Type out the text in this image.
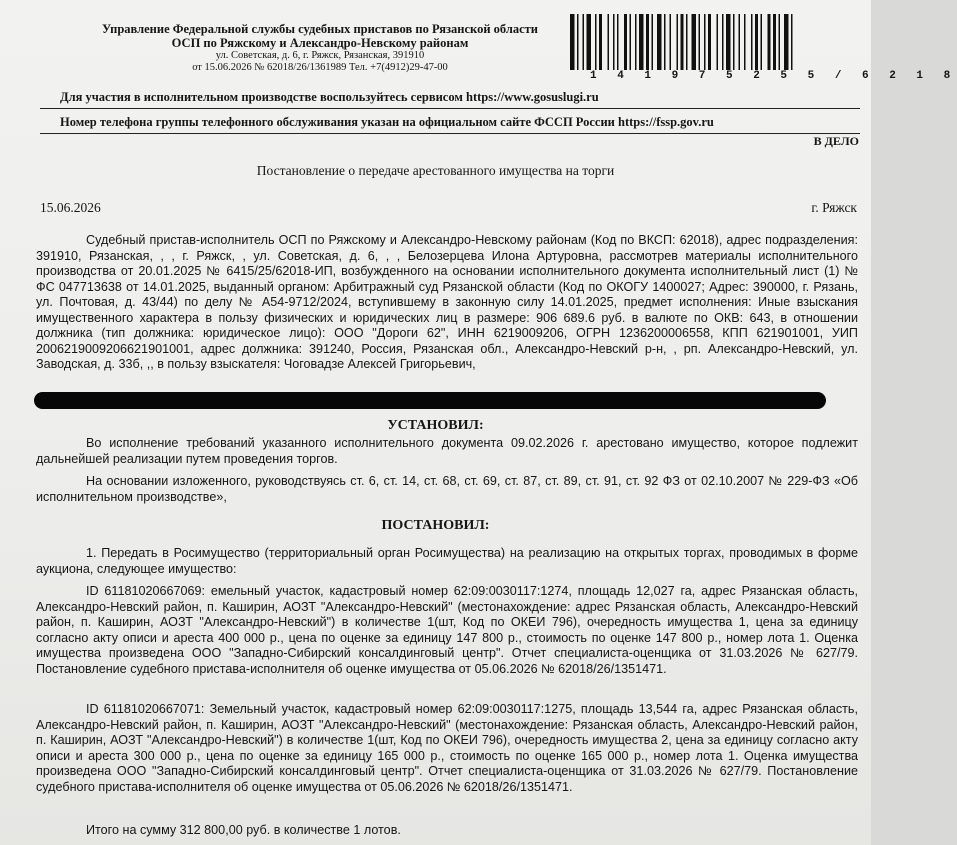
Управление Федеральной службы судебных приставов по Рязанской области
ОСП по Ряжскому и Александро-Невскому районам
ул. Советская, д. 6, г. Ряжск, Рязанская, 391910
от 15.06.2026 № 62018/26/1361989 Тел. +7(4912)29-47-00
1 4 1 9 7 5 2 5 5 / 6 2 1 8
Для участия в исполнительном производстве воспользуйтесь сервисом https://www.gosuslugi.ru
Номер телефона группы телефонного обслуживания указан на официальном сайте ФССП России https://fssp.gov.ru
В ДЕЛО
Постановление о передаче арестованного имущества на торги
15.06.2026	г. Ряжск
Судебный пристав-исполнитель ОСП по Ряжскому и Александро-Невскому районам (Код по ВКСП: 62018), адрес подразделения: 391910, Рязанская, , , г. Ряжск, , ул. Советская, д. 6, , , Белозерцева Илона Артуровна, рассмотрев материалы исполнительного производства от 20.01.2025 № 6415/25/62018-ИП, возбужденного на основании исполнительного документа исполнительный лист (1) № ФС 047713638 от 14.01.2025, выданный органом: Арбитражный суд Рязанской области (Код по ОКОГУ 1400027; Адрес: 390000, г. Рязань, ул. Почтовая, д. 43/44) по делу № А54-9712/2024, вступившему в законную силу 14.01.2025, предмет исполнения: Иные взыскания имущественного характера в пользу физических и юридических лиц в размере: 906 689.6 руб. в валюте по ОКВ: 643, в отношении должника (тип должника: юридическое лицо): ООО "Дороги 62", ИНН 6219009206, ОГРН 1236200006558, КПП 621901001, УИП 2006219009206621901001, адрес должника: 391240, Россия, Рязанская обл., Александро-Невский р-н, , рп. Александро-Невский, ул. Заводская, д. 33б, ,, в пользу взыскателя: Чоговадзе Алексей Григорьевич,
УСТАНОВИЛ:
Во исполнение требований указанного исполнительного документа 09.02.2026 г. арестовано имущество, которое подлежит дальнейшей реализации путем проведения торгов.
На основании изложенного, руководствуясь ст. 6, ст. 14, ст. 68, ст. 69, ст. 87, ст. 89, ст. 91, ст. 92 ФЗ от 02.10.2007 № 229-ФЗ «Об исполнительном производстве»,
ПОСТАНОВИЛ:
1. Передать в Росимущество (территориальный орган Росимущества) на реализацию на открытых торгах, проводимых в форме аукциона, следующее имущество:
ID 61181020667069: емельный участок, кадастровый номер 62:09:0030117:1274, площадь 12,027 га, адрес Рязанская область, Александро-Невский район, п. Каширин, АОЗТ "Александро-Невский" (местонахождение: адрес Рязанская область, Александро-Невский район, п. Каширин, АОЗТ "Александро-Невский") в количестве 1(шт, Код по ОКЕИ 796), очередность имущества 1, цена за единицу согласно акту описи и ареста 400 000 р., цена по оценке за единицу 147 800 р., стоимость по оценке 147 800 р., номер лота 1. Оценка имущества произведена ООО "Западно-Сибирский консалдинговый центр". Отчет специалиста-оценщика от 31.03.2026 № 627/79. Постановление судебного пристава-исполнителя об оценке имущества от 05.06.2026 № 62018/26/1351471.
ID 61181020667071: Земельный участок, кадастровый номер 62:09:0030117:1275, площадь 13,544 га, адрес Рязанская область, Александро-Невский район, п. Каширин, АОЗТ "Александро-Невский" (местонахождение: Рязанская область, Александро-Невский район, п. Каширин, АОЗТ "Александро-Невский") в количестве 1(шт, Код по ОКЕИ 796), очередность имущества 2, цена за единицу согласно акту описи и ареста 300 000 р., цена по оценке за единицу 165 000 р., стоимость по оценке 165 000 р., номер лота 1. Оценка имущества произведена ООО "Западно-Сибирский консалдинговый центр". Отчет специалиста-оценщика от 31.03.2026 № 627/79. Постановление судебного пристава-исполнителя об оценке имущества от 05.06.2026 № 62018/26/1351471.
Итого на сумму 312 800,00 руб. в количестве 1 лотов.
